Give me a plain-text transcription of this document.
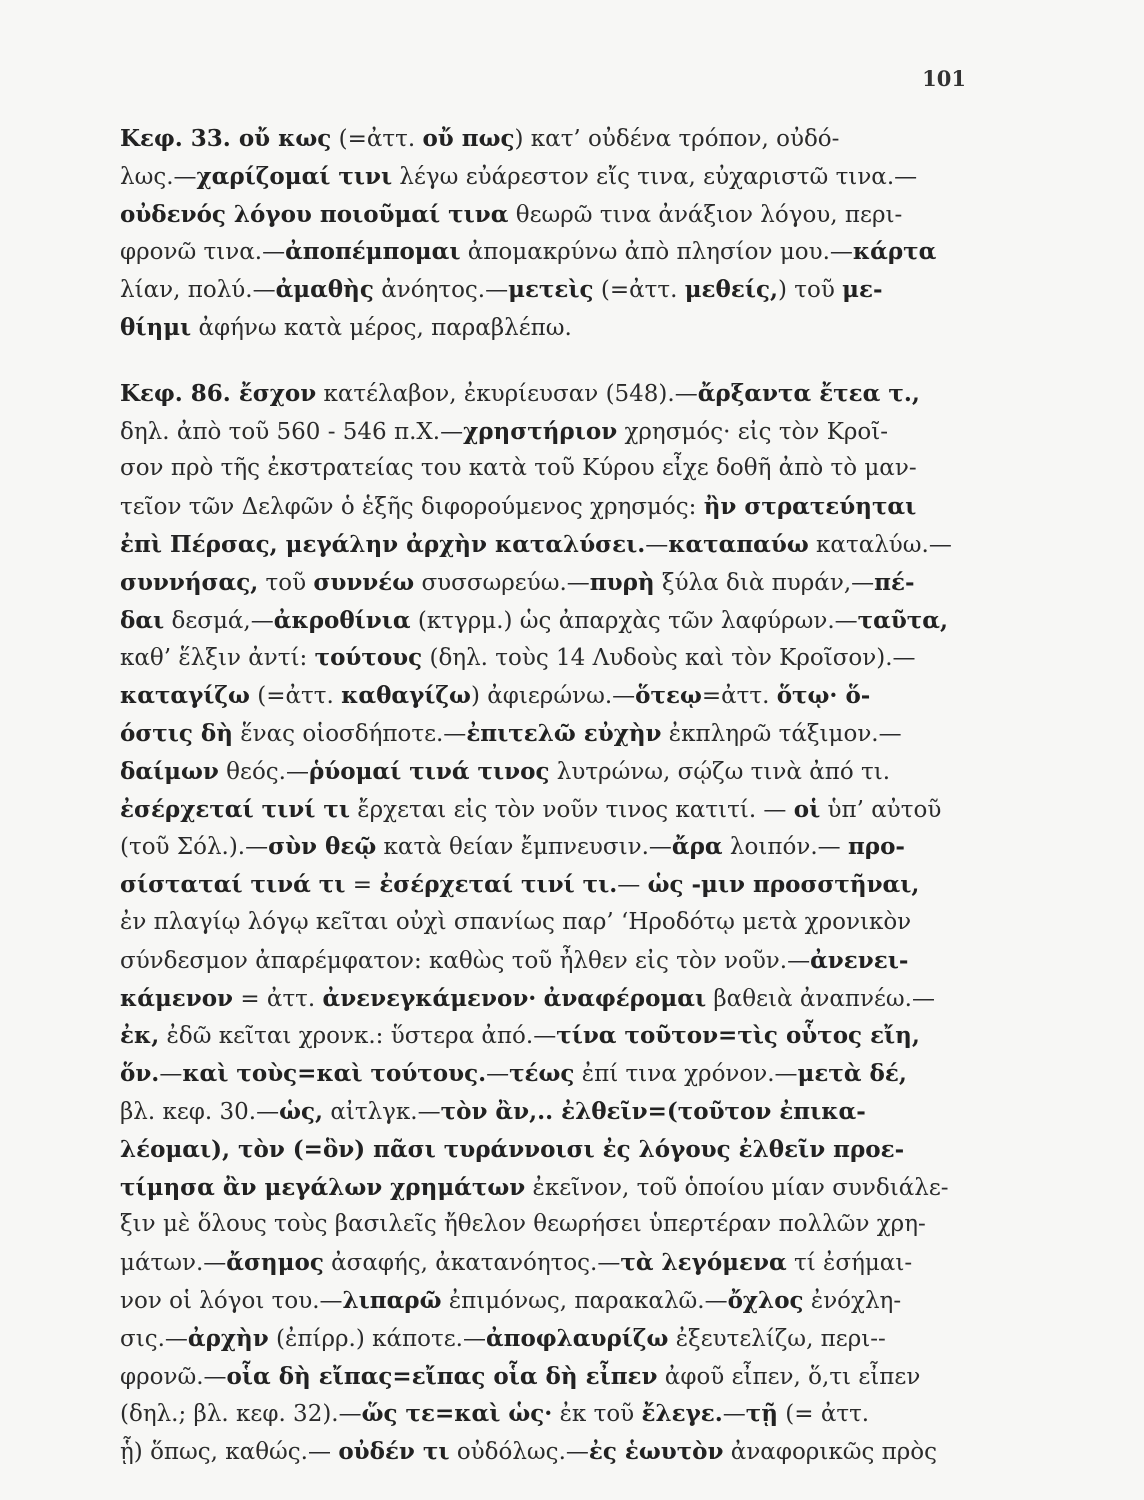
101
Κεφ. 33. οὔ κως (=ἀττ. οὔ πως) κατ’ οὐδένα τρόπον, οὐδό-
λως.—χαρίζομαί τινι λέγω εὐάρεστον εἴς τινα, εὐχαριστῶ τινα.—
οὐδενός λόγου ποιοῦμαί τινα θεωρῶ τινα ἀνάξιον λόγου, περι-
φρονῶ τινα.—ἀποπέμπομαι ἀπομακρύνω ἀπὸ πλησίον μου.—κάρτα
λίαν, πολύ.—ἀμαθὴς ἀνόητος.—μετεὶς (=ἀττ. μεθείς,) τοῦ με-
θίημι ἀφήνω κατὰ μέρος, παραβλέπω.
Κεφ. 86. ἔσχον κατέλαβον, ἐκυρίευσαν (548).—ἄρξαντα ἔτεα τ.,
δηλ. ἀπὸ τοῦ 560 - 546 π.Χ.—χρηστήριον χρησμός· εἰς τὸν Κροῖ-
σον πρὸ τῆς ἐκστρατείας του κατὰ τοῦ Κύρου εἶχε δοθῆ ἀπὸ τὸ μαν-
τεῖον τῶν Δελφῶν ὁ ἑξῆς διφορούμενος χρησμός: ἢν στρατεύηται
ἐπὶ Πέρσας, μεγάλην ἀρχὴν καταλύσει.—καταπαύω καταλύω.—
συννήσας, τοῦ συννέω συσσωρεύω.—πυρὴ ξύλα διὰ πυράν,—πέ-
δαι δεσμά,—ἀκροθίνια (κτγρμ.) ὡς ἀπαρχὰς τῶν λαφύρων.—ταῦτα,
καθ’ ἕλξιν ἀντί: τούτους (δηλ. τοὺς 14 Λυδοὺς καὶ τὸν Κροῖσον).—
καταγίζω (=ἀττ. καθαγίζω) ἀφιερώνω.—ὅτεῳ=ἀττ. ὅτῳ· ὅ-
όστις δὴ ἕνας οἱοσδήποτε.—ἐπιτελῶ εὐχὴν ἐκπληρῶ τάξιμον.—
δαίμων θεός.—ῥύομαί τινά τινος λυτρώνω, σῴζω τινὰ ἀπό τι.
ἐσέρχεταί τινί τι ἔρχεται εἰς τὸν νοῦν τινος κατιτί. — οἱ ὑπ’ αὐτοῦ
(τοῦ Σόλ.).—σὺν θεῷ κατὰ θείαν ἔμπνευσιν.—ἄρα λοιπόν.— προ-
σίσταταί τινά τι = ἐσέρχεταί τινί τι.— ὡς -μιν προσστῆναι,
ἐν πλαγίῳ λόγῳ κεῖται οὐχὶ σπανίως παρ’ ‘Ηροδότῳ μετὰ χρονικὸν
σύνδεσμον ἀπαρέμφατον: καθὼς τοῦ ἦλθεν εἰς τὸν νοῦν.—ἀνενει-
κάμενον = ἀττ. ἀνενεγκάμενον· ἀναφέρομαι βαθειὰ ἀναπνέω.—
ἐκ, ἐδῶ κεῖται χρονκ.: ὕστερα ἀπό.—τίνα τοῦτον=τὶς οὗτος εἴη,
ὅν.—καὶ τοὺς=καὶ τούτους.—τέως ἐπί τινα χρόνον.—μετὰ δέ,
βλ. κεφ. 30.—ὡς, αἰτλγκ.—τὸν ἂν,.. ἐλθεῖν=(τοῦτον ἐπικα-
λέομαι), τὸν (=ὃν) πᾶσι τυράννοισι ἐς λόγους ἐλθεῖν προε-
τίμησα ἂν μεγάλων χρημάτων ἐκεῖνον, τοῦ ὁποίου μίαν συνδιάλε-
ξιν μὲ ὅλους τοὺς βασιλεῖς ἤθελον θεωρήσει ὑπερτέραν πολλῶν χρη-
μάτων.—ἄσημος ἀσαφής, ἀκατανόητος.—τὰ λεγόμενα τί ἐσήμαι-
νον οἱ λόγοι του.—λιπαρῶ ἐπιμόνως, παρακαλῶ.—ὄχλος ἐνόχλη-
σις.—ἀρχὴν (ἐπίρρ.) κάποτε.—ἀποφλαυρίζω ἐξευτελίζω, περι--
φρονῶ.—οἷα δὴ εἴπας=εἴπας οἷα δὴ εἶπεν ἀφοῦ εἶπεν, ὅ,τι εἶπεν
(δηλ.; βλ. κεφ. 32).—ὥς τε=καὶ ὡς· ἐκ τοῦ ἔλεγε.—τῇ (= ἀττ.
ᾗ) ὅπως, καθώς.— οὐδέν τι οὐδόλως.—ἐς ἑωυτὸν ἀναφορικῶς πρὸς
